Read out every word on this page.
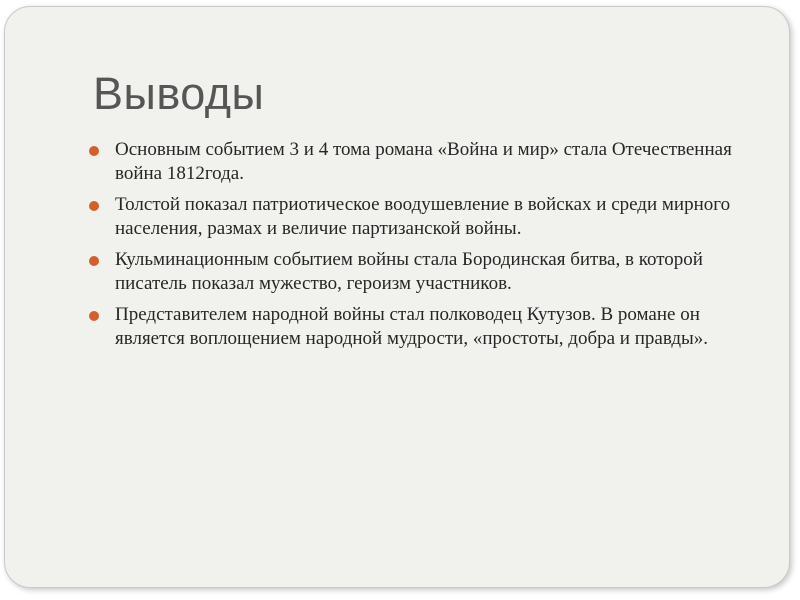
Выводы
Основным событием 3 и 4 тома романа «Война и мир» стала Отечественная война 1812года.
Толстой показал патриотическое воодушевление в войсках и среди мирного населения, размах и величие партизанской войны.
Кульминационным событием войны стала Бородинская битва, в которой писатель показал мужество, героизм участников.
Представителем народной войны стал полководец Кутузов. В романе он является воплощением народной мудрости, «простоты, добра и правды».
